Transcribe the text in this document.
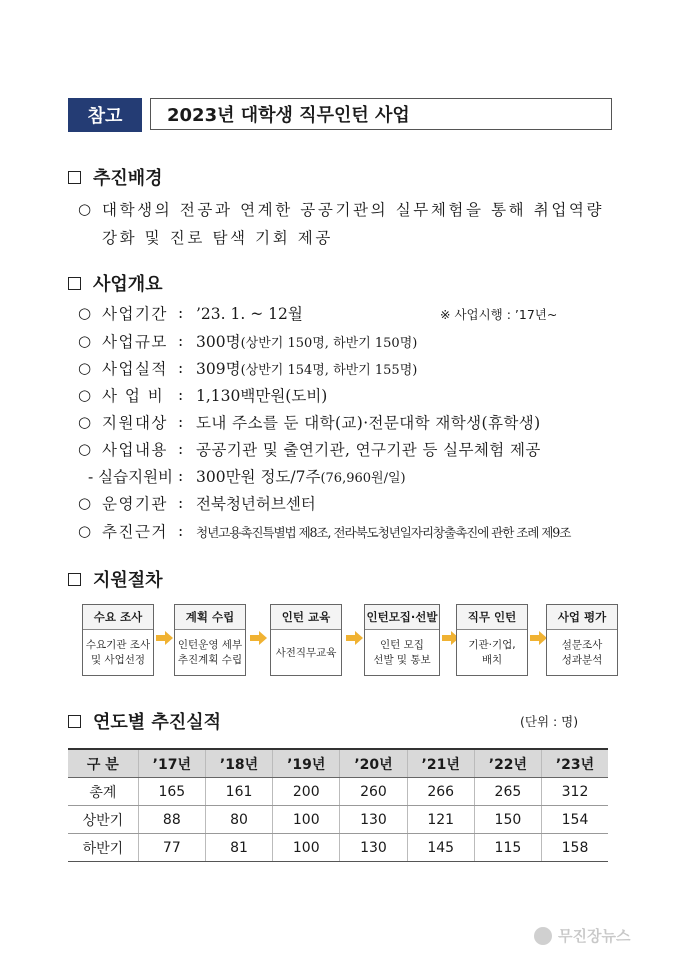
참고	2023년 대학생 직무인턴 사업
추진배경
○ 대학생의 전공과 연계한 공공기관의 실무체험을 통해 취업역량
강화 및 진로 탐색 기회 제공
사업개요
○ 사업기간 : ’23. 1. ~ 12월	※ 사업시행 : ’17년~
○ 사업규모 : 300명 (상반기 150명, 하반기 150명)
○ 사업실적 : 309명 (상반기 154명, 하반기 155명)
○ 사 업 비 : 1,130백만원(도비)
○ 지원대상 : 도내 주소를 둔 대학(교)·전문대학 재학생(휴학생)
○ 사업내용 : 공공기관 및 출연기관, 연구기관 등 실무체험 제공
- 실습지원비 : 300만원 정도/7주 (76,960원/일)
○ 운영기관 : 전북청년허브센터
○ 추진근거 :	청년고용촉진특별법 제8조, 전라북도청년일자리창출촉진에 관한 조례 제9조
지원절차
수요 조사
수요기관 조사
및 사업선정
계획 수립
인턴운영 세부
추진계획 수립
인턴 교육
사전직무교육
인턴모집·선발
인턴 모집
선발 및 통보
직무 인턴
기관·기업,
배치
사업 평가
설문조사
성과분석
연도별 추진실적	(단위 : 명)
구 분	’17년	’18년	’19년	’20년	’21년	’22년	’23년
총계	165	161	200	260	266	265	312
상반기	88	80	100	130	121	150	154
하반기	77	81	100	130	145	115	158
무진장뉴스
